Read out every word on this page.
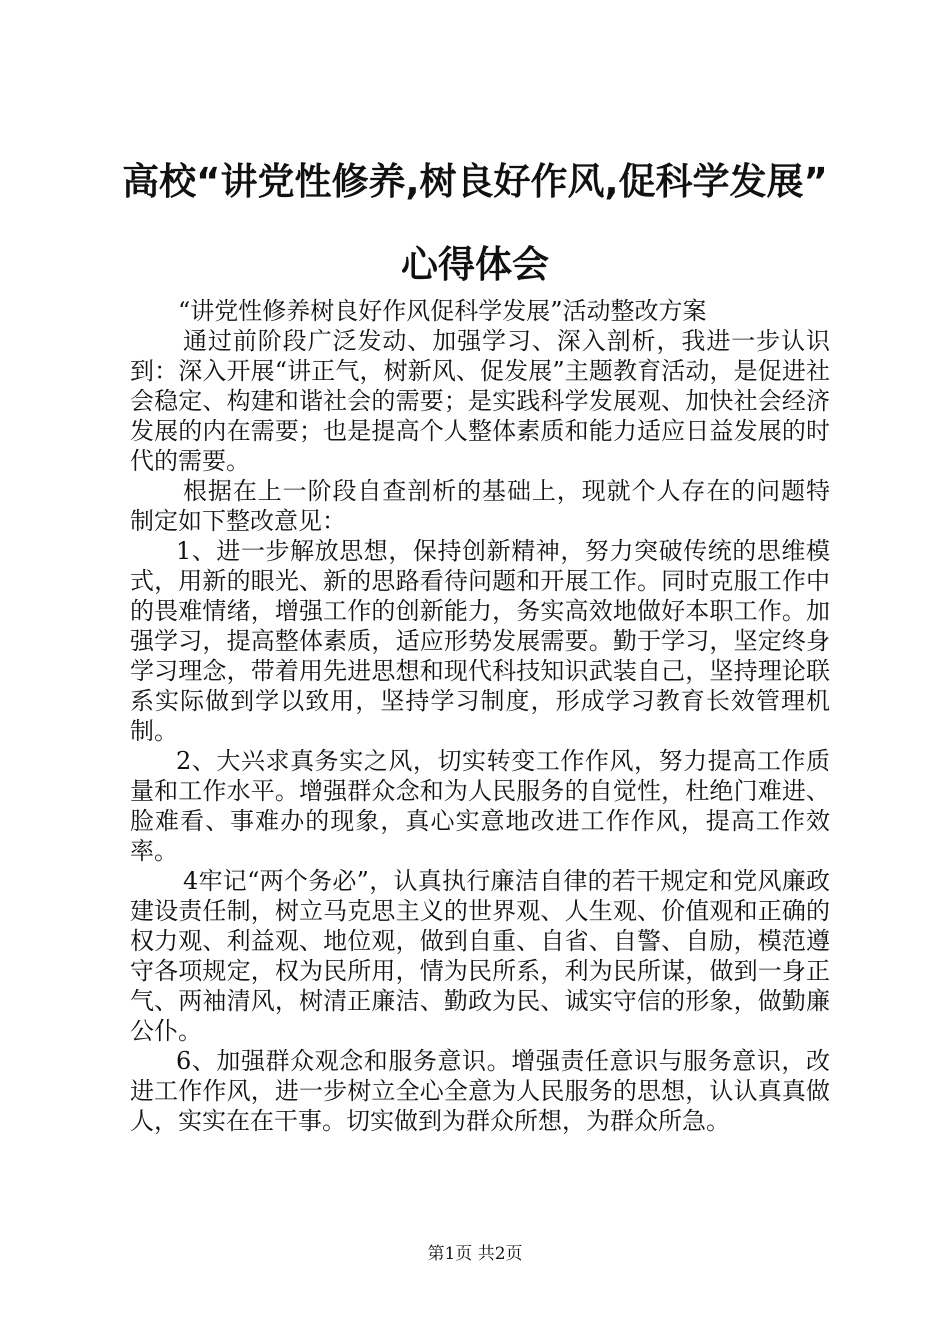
高校“讲党性修养,树良好作风,促科学发展”
心得体会

“讲党性修养树良好作风促科学发展”活动整改方案

通过前阶段广泛发动、加强学习、深入剖析，我进一步认识到：深入开展“讲正气，树新风、促发展”主题教育活动，是促进社会稳定、构建和谐社会的需要；是实践科学发展观、加快社会经济发展的内在需要；也是提高个人整体素质和能力适应日益发展的时代的需要。

根据在上一阶段自查剖析的基础上，现就个人存在的问题特制定如下整改意见：

1、进一步解放思想，保持创新精神，努力突破传统的思维模式，用新的眼光、新的思路看待问题和开展工作。同时克服工作中的畏难情绪，增强工作的创新能力，务实高效地做好本职工作。加强学习，提高整体素质，适应形势发展需要。勤于学习，坚定终身学习理念，带着用先进思想和现代科技知识武装自己，坚持理论联系实际做到学以致用，坚持学习制度，形成学习教育长效管理机制。

2、大兴求真务实之风，切实转变工作作风，努力提高工作质量和工作水平。增强群众念和为人民服务的自觉性，杜绝门难进、脸难看、事难办的现象，真心实意地改进工作作风，提高工作效率。

4牢记“两个务必”，认真执行廉洁自律的若干规定和党风廉政建设责任制，树立马克思主义的世界观、人生观、价值观和正确的权力观、利益观、地位观，做到自重、自省、自警、自励，模范遵守各项规定，权为民所用，情为民所系，利为民所谋，做到一身正气、两袖清风，树清正廉洁、勤政为民、诚实守信的形象，做勤廉公仆。

6、加强群众观念和服务意识。增强责任意识与服务意识，改进工作作风，进一步树立全心全意为人民服务的思想，认认真真做人，实实在在干事。切实做到为群众所想，为群众所急。

第1页 共2页
